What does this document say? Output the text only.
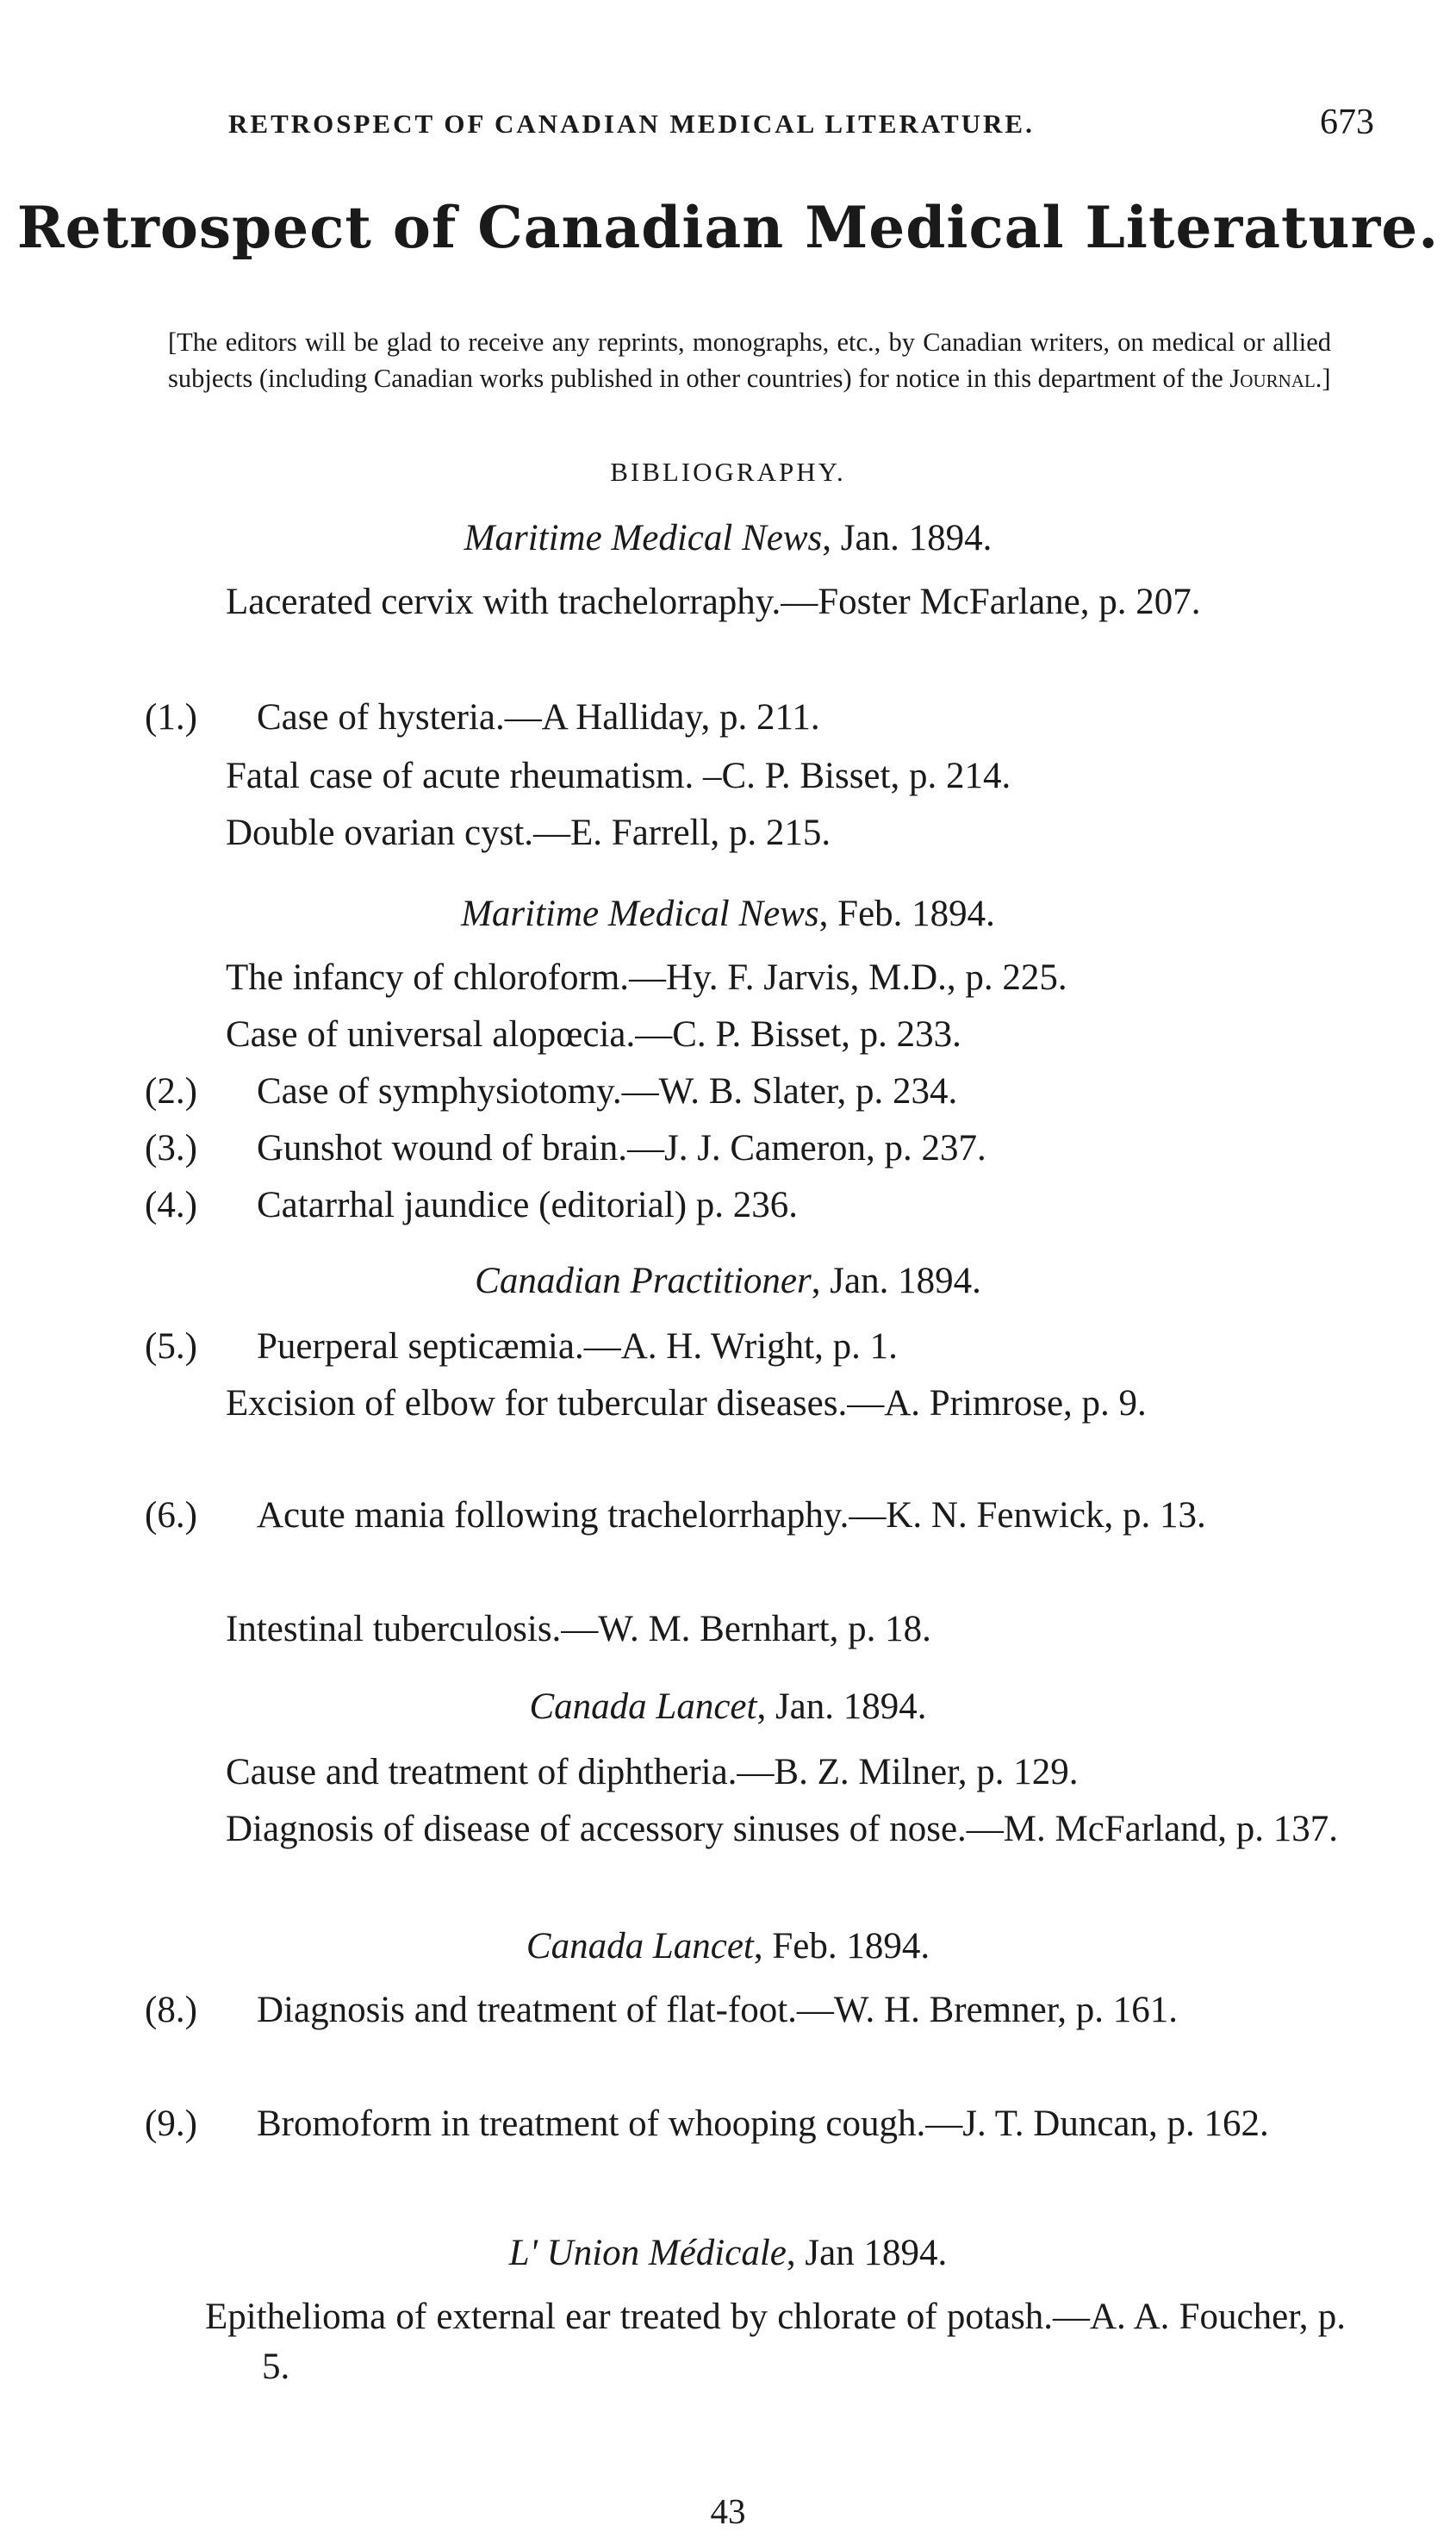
RETROSPECT OF CANADIAN MEDICAL LITERATURE.	673
Retrospect of Canadian Medical Literature.
[The editors will be glad to receive any reprints, monographs, etc., by Canadian writers, on medical or allied subjects (including Canadian works published in other countries) for notice in this department of the Journal.]
BIBLIOGRAPHY.
Maritime Medical News, Jan. 1894.
Lacerated cervix with trachelorraphy.—Foster McFarlane, p. 207.
(1.)	Case of hysteria.—A Halliday, p. 211.
Fatal case of acute rheumatism. –C. P. Bisset, p. 214.
Double ovarian cyst.—E. Farrell, p. 215.
Maritime Medical News, Feb. 1894.
The infancy of chloroform.—Hy. F. Jarvis, M.D., p. 225.
Case of universal alopœcia.—C. P. Bisset, p. 233.
(2.)	Case of symphysiotomy.—W. B. Slater, p. 234.
(3.)	Gunshot wound of brain.—J. J. Cameron, p. 237.
(4.)	Catarrhal jaundice (editorial) p. 236.
Canadian Practitioner, Jan. 1894.
(5.)	Puerperal septicæmia.—A. H. Wright, p. 1.
Excision of elbow for tubercular diseases.—A. Primrose, p. 9.
(6.)	Acute mania following trachelorrhaphy.—K. N. Fenwick, p. 13.
Intestinal tuberculosis.—W. M. Bernhart, p. 18.
Canada Lancet, Jan. 1894.
Cause and treatment of diphtheria.—B. Z. Milner, p. 129.
Diagnosis of disease of accessory sinuses of nose.—M. McFarland, p. 137.
Canada Lancet, Feb. 1894.
(8.)	Diagnosis and treatment of flat-foot.—W. H. Bremner, p. 161.
(9.)	Bromoform in treatment of whooping cough.—J. T. Duncan, p. 162.
L' Union Médicale, Jan 1894.
Epithelioma of external ear treated by chlorate of potash.—A. A. Foucher, p. 5.
43
